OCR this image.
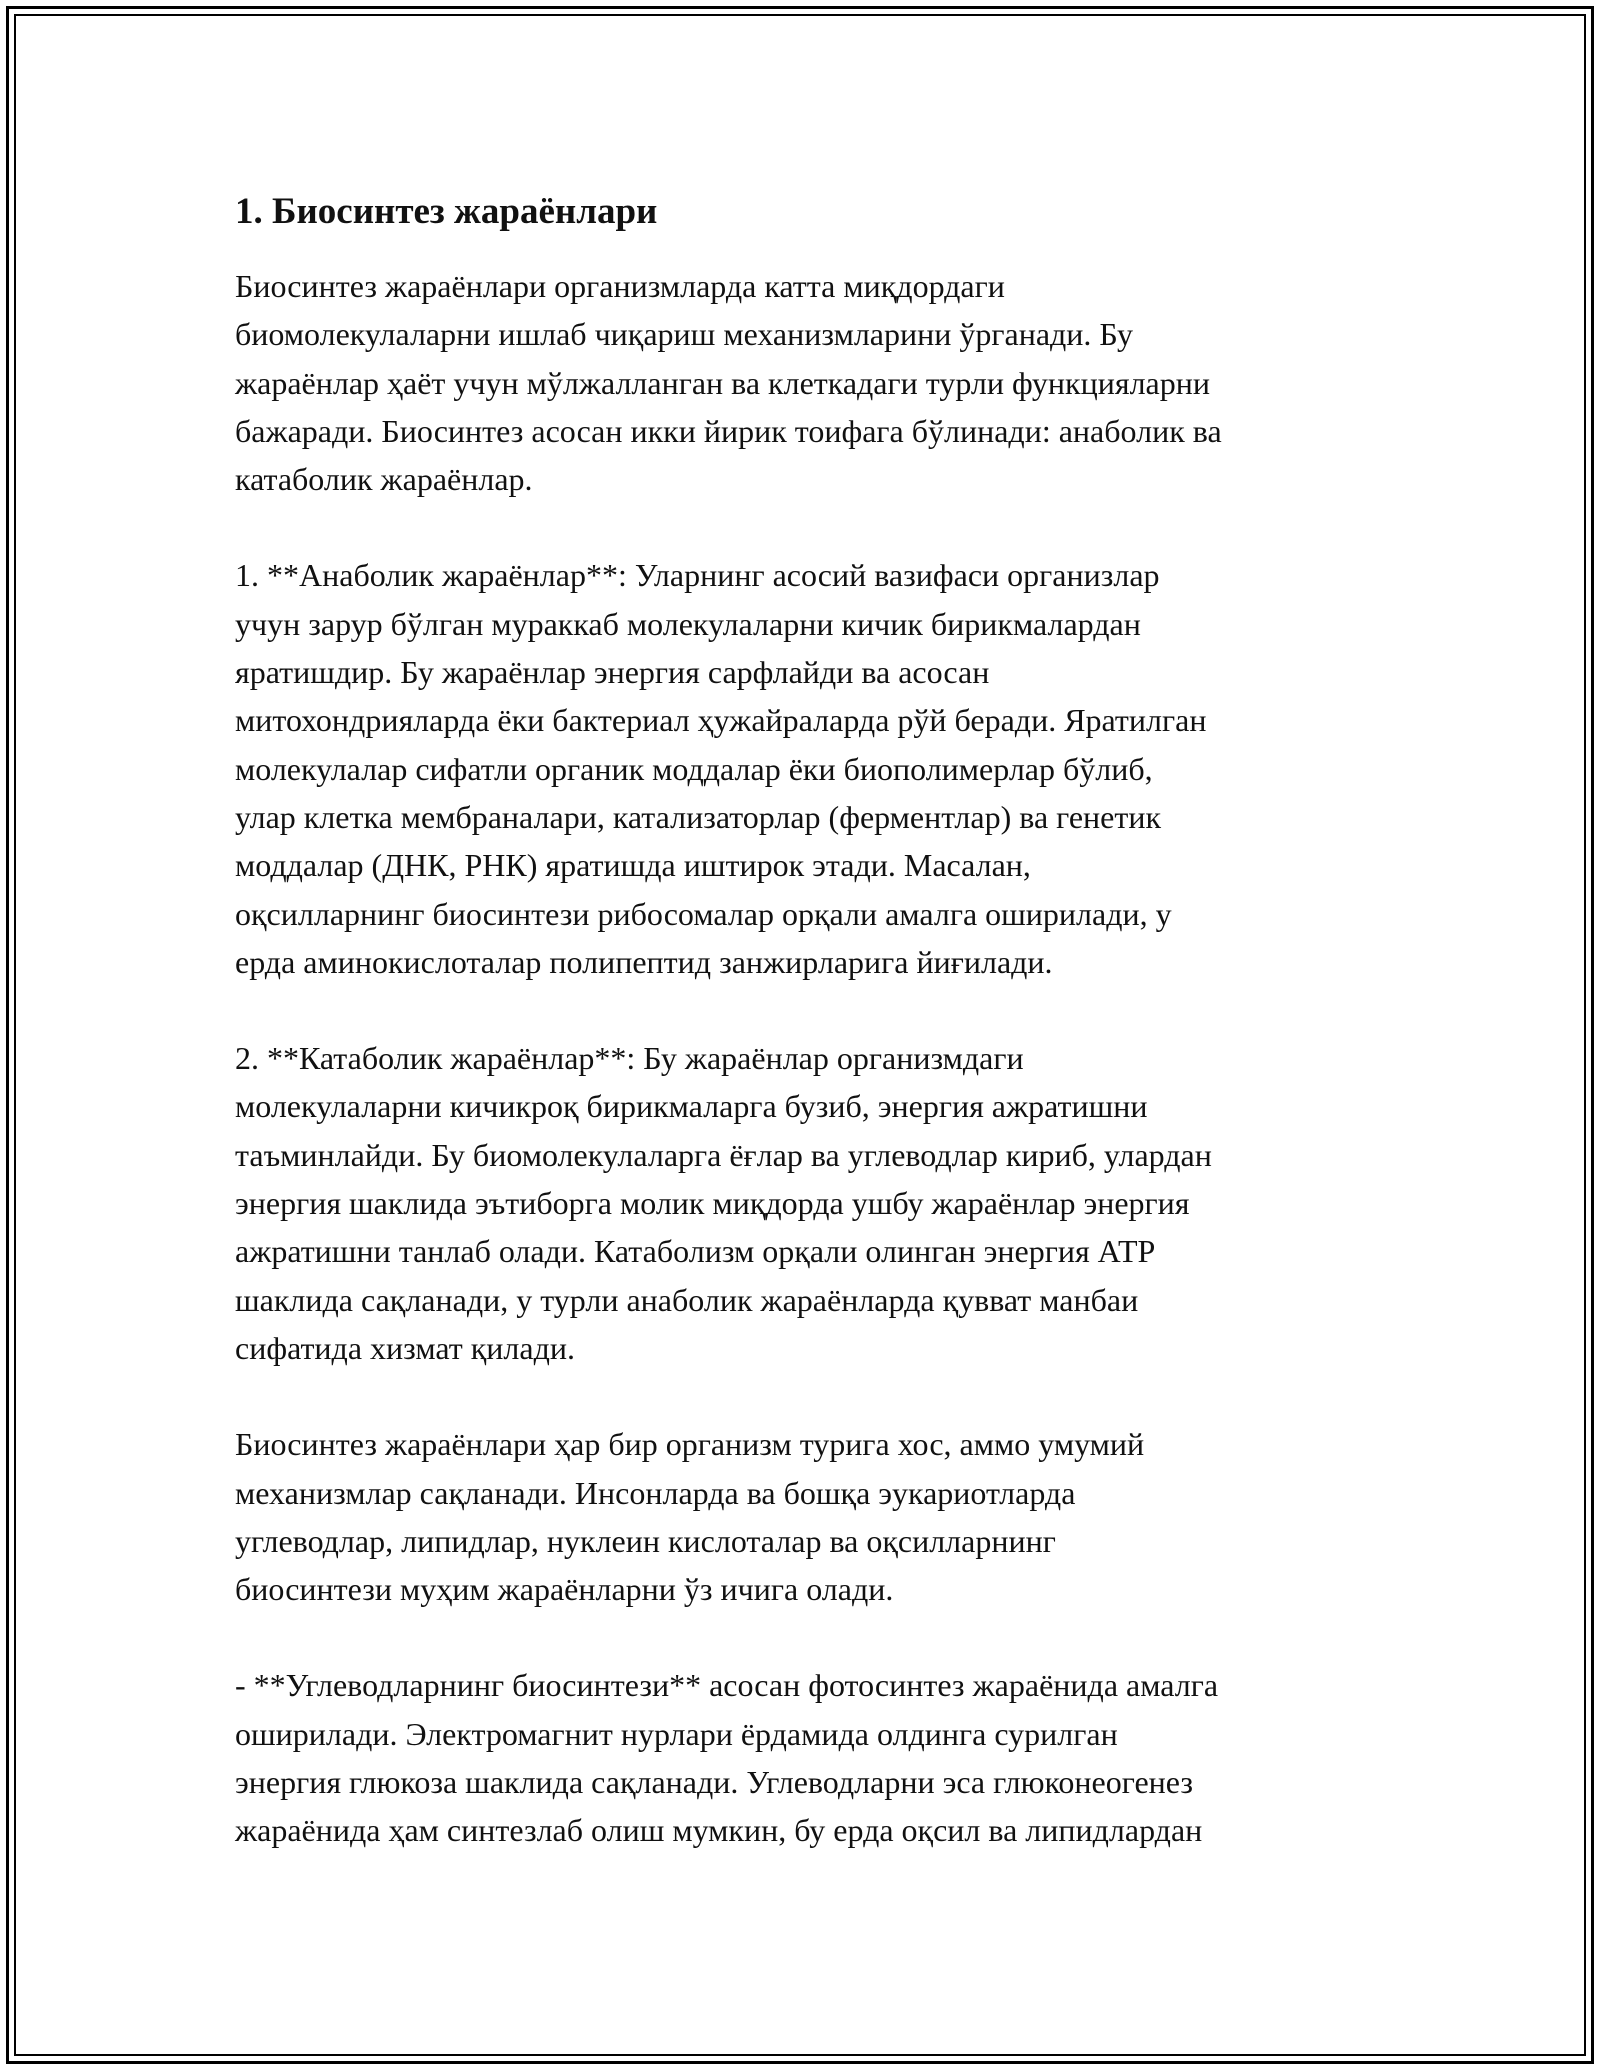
1. Биосинтез жараёнлари

Биосинтез жараёнлари организмларда катта миқдордаги
биомолекулаларни ишлаб чиқариш механизмларини ўрганади. Бу
жараёнлар ҳаёт учун мўлжалланган ва клеткадаги турли функцияларни
бажаради. Биосинтез асосан икки йирик тоифага бўлинади: анаболик ва
катаболик жараёнлар.

1. **Анаболик жараёнлар**: Уларнинг асосий вазифаси организлар
учун зарур бўлган мураккаб молекулаларни кичик бирикмалардан
яратишдир. Бу жараёнлар энергия сарфлайди ва асосан
митохондрияларда ёки бактериал ҳужайраларда рўй беради. Яратилган
молекулалар сифатли органик моддалар ёки биополимерлар бўлиб,
улар клетка мембраналари, катализаторлар (ферментлар) ва генетик
моддалар (ДНК, РНК) яратишда иштирок этади. Масалан,
оқсилларнинг биосинтези рибосомалар орқали амалга оширилади, у
ерда аминокислоталар полипептид занжирларига йиғилади.

2. **Катаболик жараёнлар**: Бу жараёнлар организмдаги
молекулаларни кичикроқ бирикмаларга бузиб, энергия ажратишни
таъминлайди. Бу биомолекулаларга ёғлар ва углеводлар кириб, улардан
энергия шаклида эътиборга молик миқдорда ушбу жараёнлар энергия
ажратишни танлаб олади. Катаболизм орқали олинган энергия АТР
шаклида сақланади, у турли анаболик жараёнларда қувват манбаи
сифатида хизмат қилади.

Биосинтез жараёнлари ҳар бир организм турига хос, аммо умумий
механизмлар сақланади. Инсонларда ва бошқа эукариотларда
углеводлар, липидлар, нуклеин кислоталар ва оқсилларнинг
биосинтези муҳим жараёнларни ўз ичига олади.

- **Углеводларнинг биосинтези** асосан фотосинтез жараёнида амалга
оширилади. Электромагнит нурлари ёрдамида олдинга сурилган
энергия глюкоза шаклида сақланади. Углеводларни эса глюконеогенез
жараёнида ҳам синтезлаб олиш мумкин, бу ерда оқсил ва липидлардан
